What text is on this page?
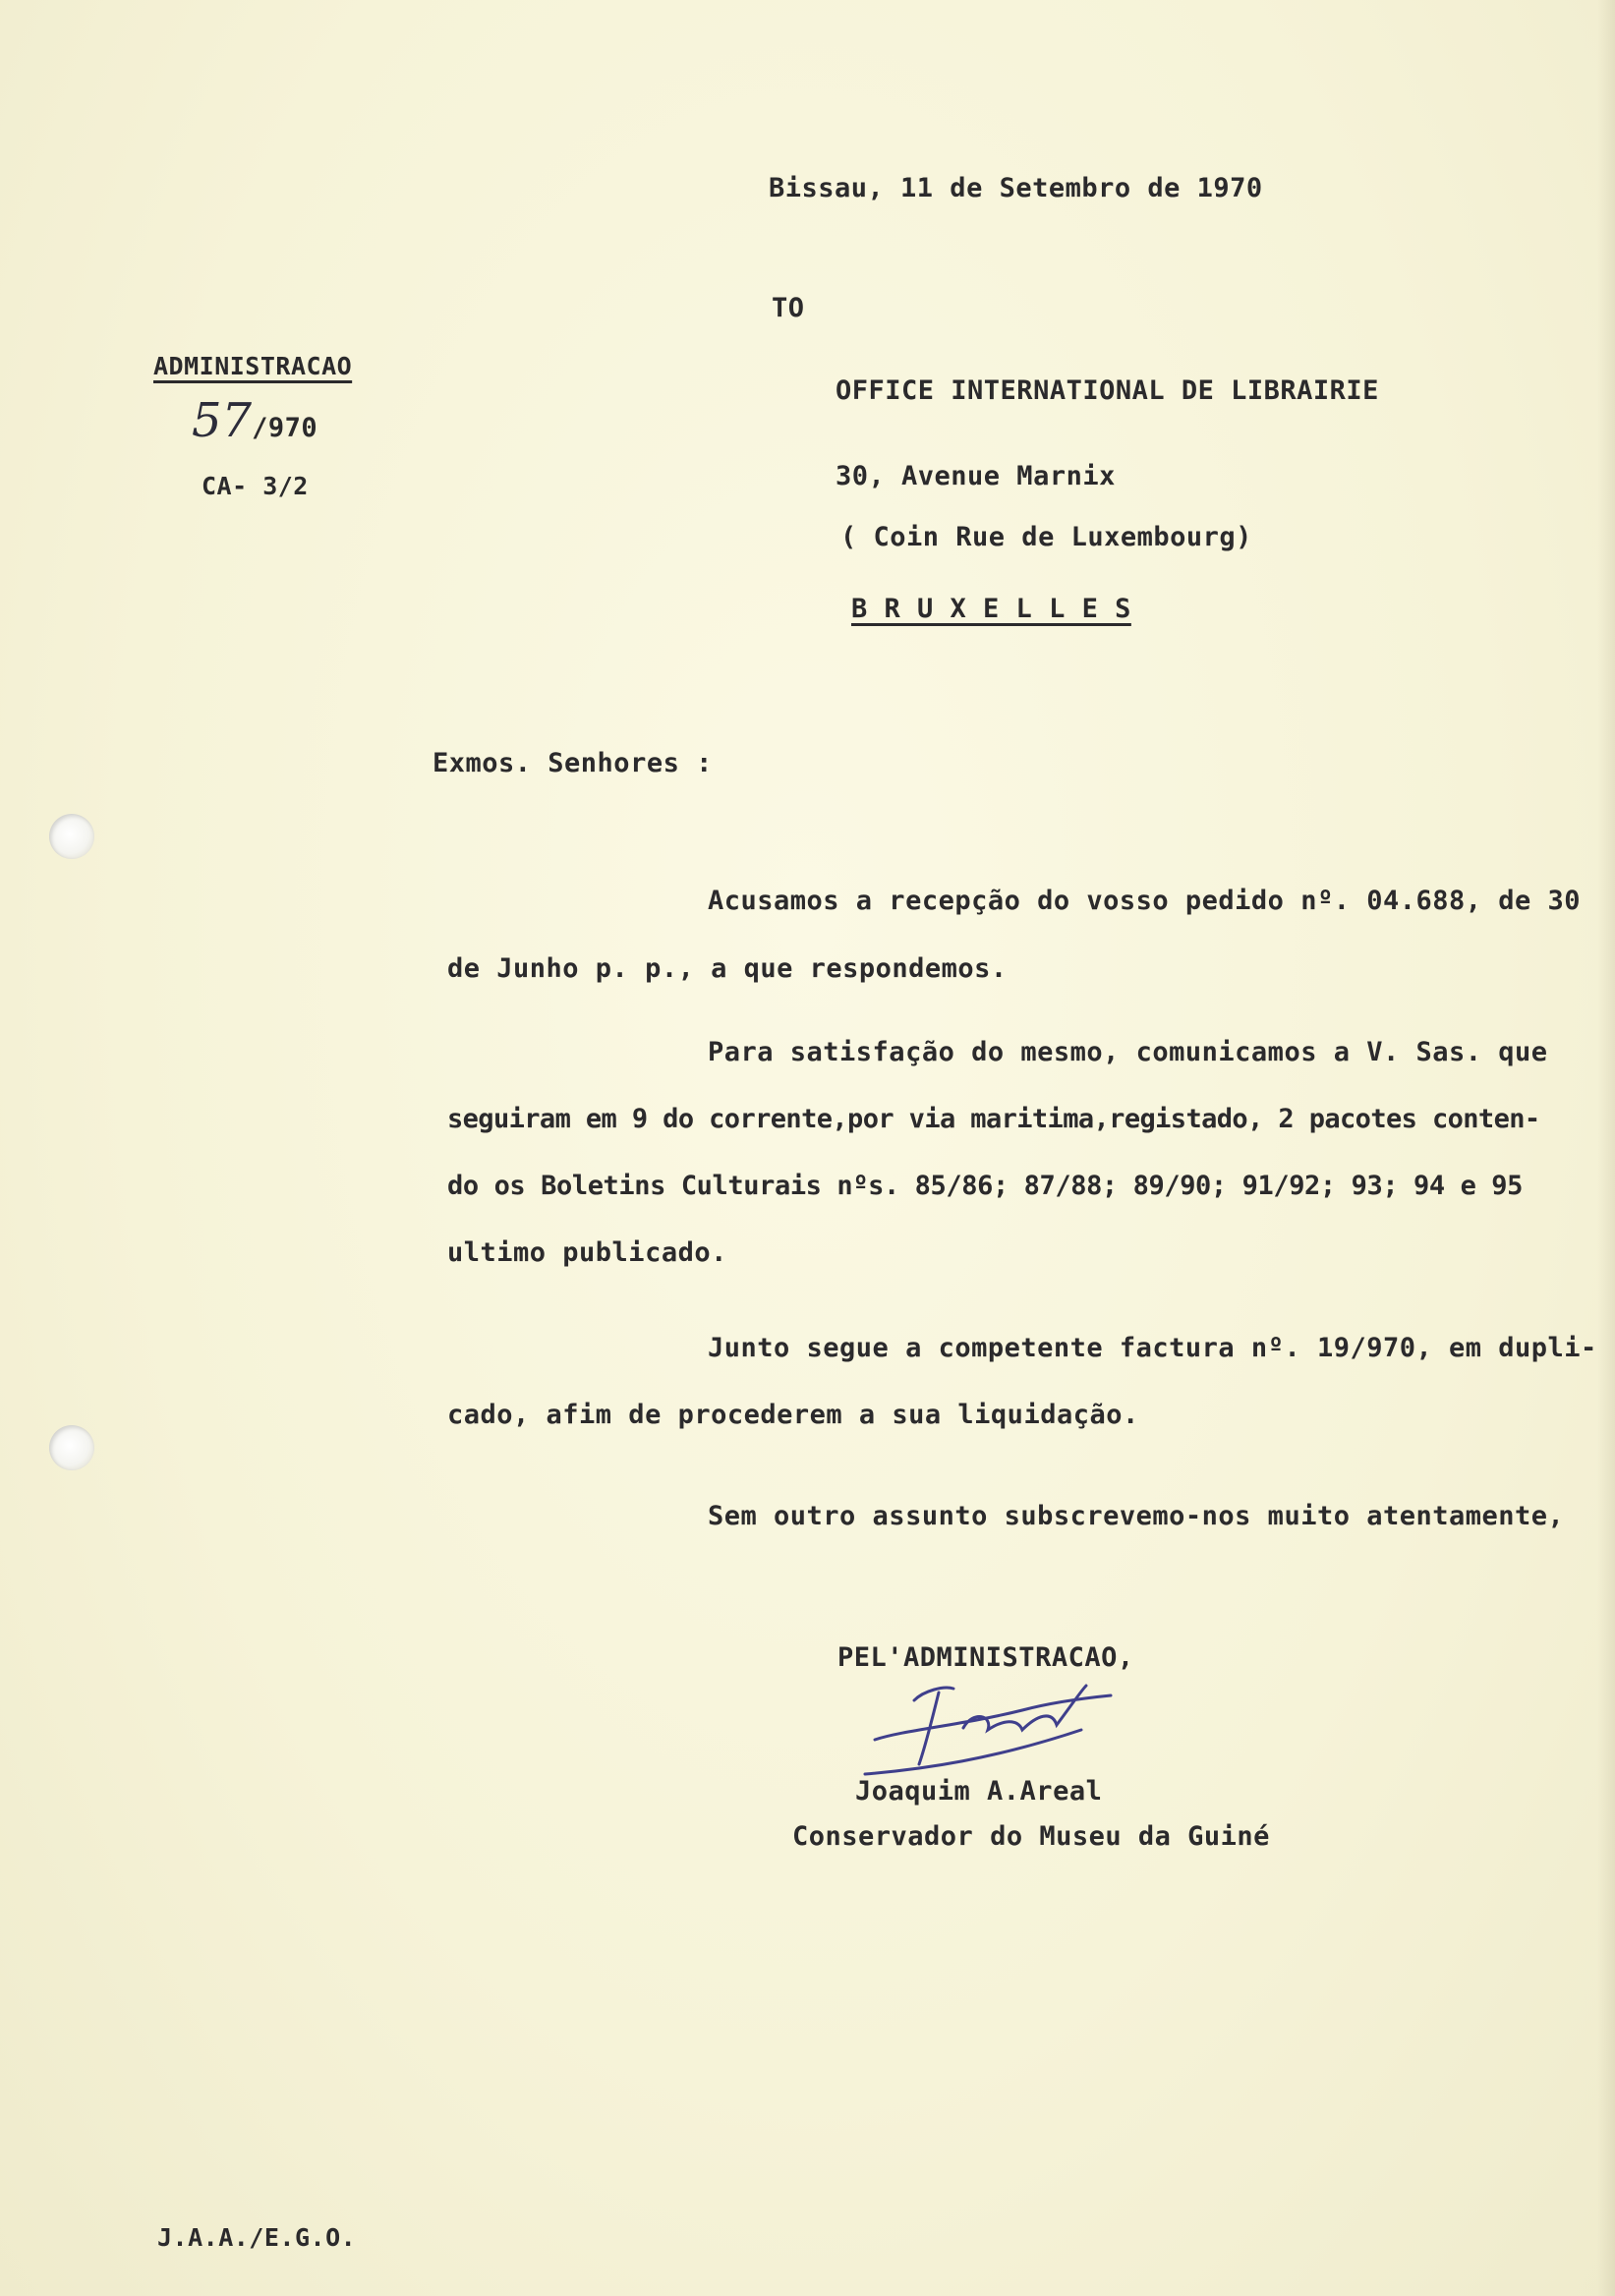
Bissau, 11 de Setembro de 1970
TO
ADMINISTRACAO
57/970
CA- 3/2
OFFICE INTERNATIONAL DE LIBRAIRIE
30, Avenue Marnix
( Coin Rue de Luxembourg)
B R U X E L L E S
Exmos. Senhores :
Acusamos a recepção do vosso pedido nº. 04.688, de 30
de Junho p. p., a que respondemos.
Para satisfação do mesmo, comunicamos a V. Sas. que
seguiram em 9 do corrente,por via maritima,registado, 2 pacotes conten-
do os Boletins Culturais nºs. 85/86; 87/88; 89/90; 91/92; 93; 94 e 95
ultimo publicado.
Junto segue a competente factura nº. 19/970, em dupli-
cado, afim de procederem a sua liquidação.
Sem outro assunto subscrevemo-nos muito atentamente,
PEL'ADMINISTRACAO,
Joaquim A.Areal
Conservador do Museu da Guiné
J.A.A./E.G.O.
